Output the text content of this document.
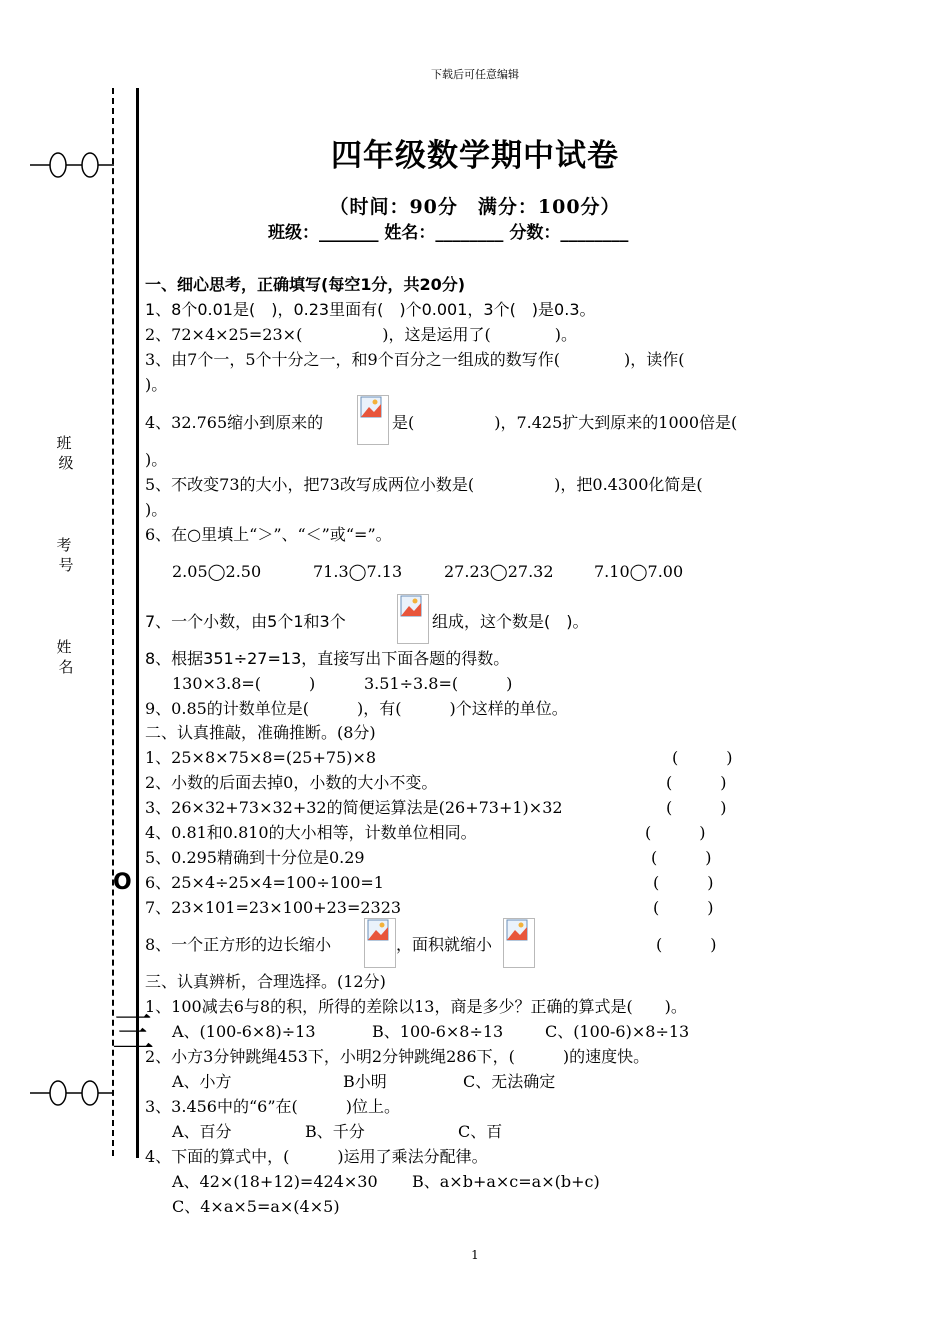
下载后可任意编辑
四年级数学期中试卷
（时间：90分　满分：100分）
班级：_______ 姓名：________ 分数：________
班
级
考
号
姓
名
O
三
一、细心思考，正确填写(每空1分，共20分)
1、8个0.01是(　)，0.23里面有(　)个0.001，3个(　)是0.3。
2、72×4×25=23×(　　　　　)，这是运用了(　　　　)。
3、由7个一，5个十分之一，和9个百分之一组成的数写作(　　　　)，读作(
)。
4、32.765缩小到原来的	是(　　　　　)，7.425扩大到原来的1000倍是(
)。
5、不改变73的大小，把73改写成两位小数是(　　　　　)，把0.4300化简是(
)。
6、在○里填上“＞”、“＜”或“=”。
2.05◯2.50	71.3◯7.13	27.23◯27.32	7.10◯7.00
7、一个小数，由5个1和3个	组成，这个数是(　)。
8、根据351÷27=13，直接写出下面各题的得数。
130×3.8=(　　　)	3.51÷3.8=(　　　)
9、0.85的计数单位是(　　　)，有(　　　)个这样的单位。
二、认真推敲，准确推断。(8分)
1、25×8×75×8=(25+75)×8	(　　　)
2、小数的后面去掉0，小数的大小不变。	(　　　)
3、26×32+73×32+32的简便运算法是(26+73+1)×32	(　　　)
4、0.81和0.810的大小相等，计数单位相同。	(　　　)
5、0.295精确到十分位是0.29	(　　　)
6、25×4÷25×4=100÷100=1	(　　　)
7、23×101=23×100+23=2323	(　　　)
8、一个正方形的边长缩小	，面积就缩小	(　　　)
三、认真辨析，合理选择。(12分)
1、100减去6与8的积，所得的差除以13，商是多少？正确的算式是(　　)。
A、(100-6×8)÷13	B、100-6×8÷13	C、(100-6)×8÷13
2、小方3分钟跳绳453下，小明2分钟跳绳286下，(　　　)的速度快。
A、小方	B小明	C、无法确定
3、3.456中的“6”在(　　　)位上。
A、百分	B、千分	C、百
4、下面的算式中，(　　　)运用了乘法分配律。
A、42×(18+12)=424×30 B、a×b+a×c=a×(b+c)
C、4×a×5=a×(4×5)
1
